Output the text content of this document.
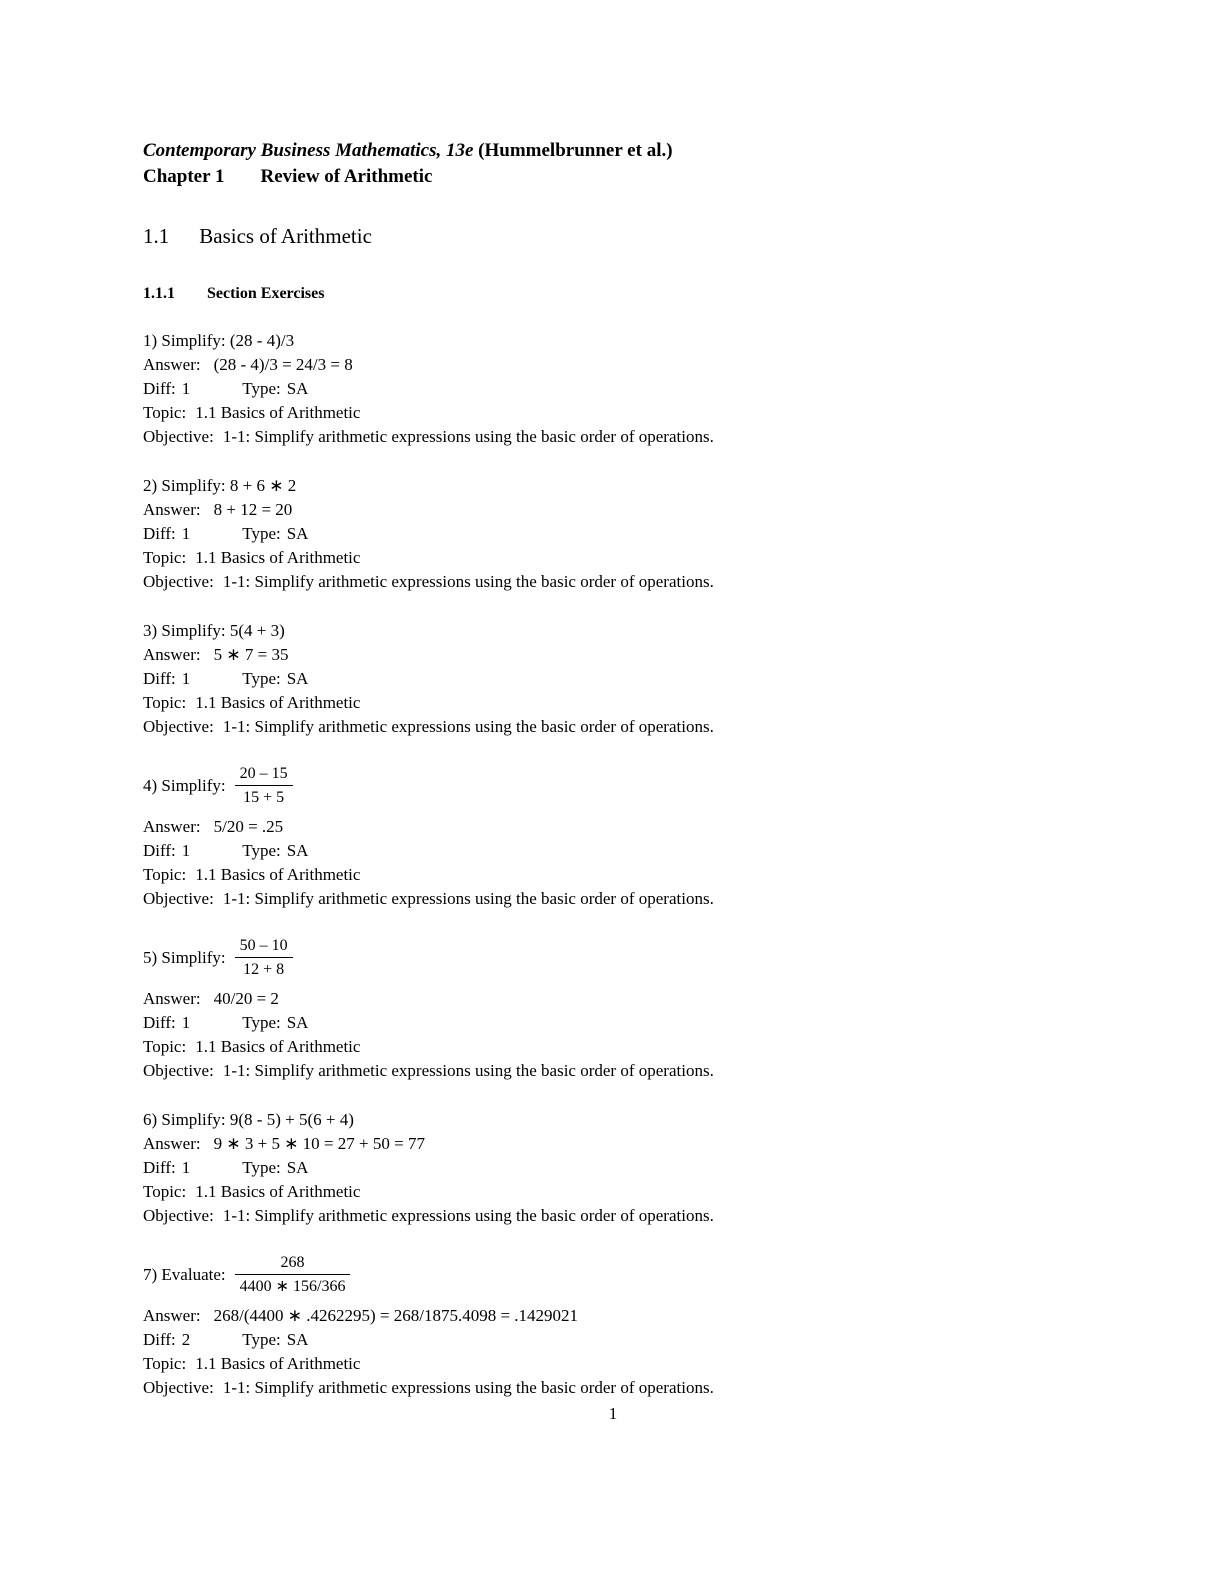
Contemporary Business Mathematics, 13e (Hummelbrunner et al.)
Chapter 1 Review of Arithmetic
1.1 Basics of Arithmetic
1.1.1 Section Exercises
1) Simplify: (28 - 4)/3
Answer: (28 - 4)/3 = 24/3 = 8
Diff: 1	Type: SA
Topic: 1.1 Basics of Arithmetic
Objective: 1-1: Simplify arithmetic expressions using the basic order of operations.
2) Simplify: 8 + 6 ∗ 2
Answer: 8 + 12 = 20
Diff: 1	Type: SA
Topic: 1.1 Basics of Arithmetic
Objective: 1-1: Simplify arithmetic expressions using the basic order of operations.
3) Simplify: 5(4 + 3)
Answer: 5 ∗ 7 = 35
Diff: 1	Type: SA
Topic: 1.1 Basics of Arithmetic
Objective: 1-1: Simplify arithmetic expressions using the basic order of operations.
4) Simplify: $\frac{20 - 15}{15 + 5}$
Answer: 5/20 = .25
Diff: 1	Type: SA
Topic: 1.1 Basics of Arithmetic
Objective: 1-1: Simplify arithmetic expressions using the basic order of operations.
5) Simplify: $\frac{50 - 10}{12 + 8}$
Answer: 40/20 = 2
Diff: 1	Type: SA
Topic: 1.1 Basics of Arithmetic
Objective: 1-1: Simplify arithmetic expressions using the basic order of operations.
6) Simplify: 9(8 - 5) + 5(6 + 4)
Answer: 9 ∗ 3 + 5 ∗ 10 = 27 + 50 = 77
Diff: 1	Type: SA
Topic: 1.1 Basics of Arithmetic
Objective: 1-1: Simplify arithmetic expressions using the basic order of operations.
7) Evaluate: $\frac{268}{4400 ∗ 156/366}$
Answer: 268/(4400 ∗ .4262295) = 268/1875.4098 = .1429021
Diff: 2	Type: SA
Topic: 1.1 Basics of Arithmetic
Objective: 1-1: Simplify arithmetic expressions using the basic order of operations.
1
